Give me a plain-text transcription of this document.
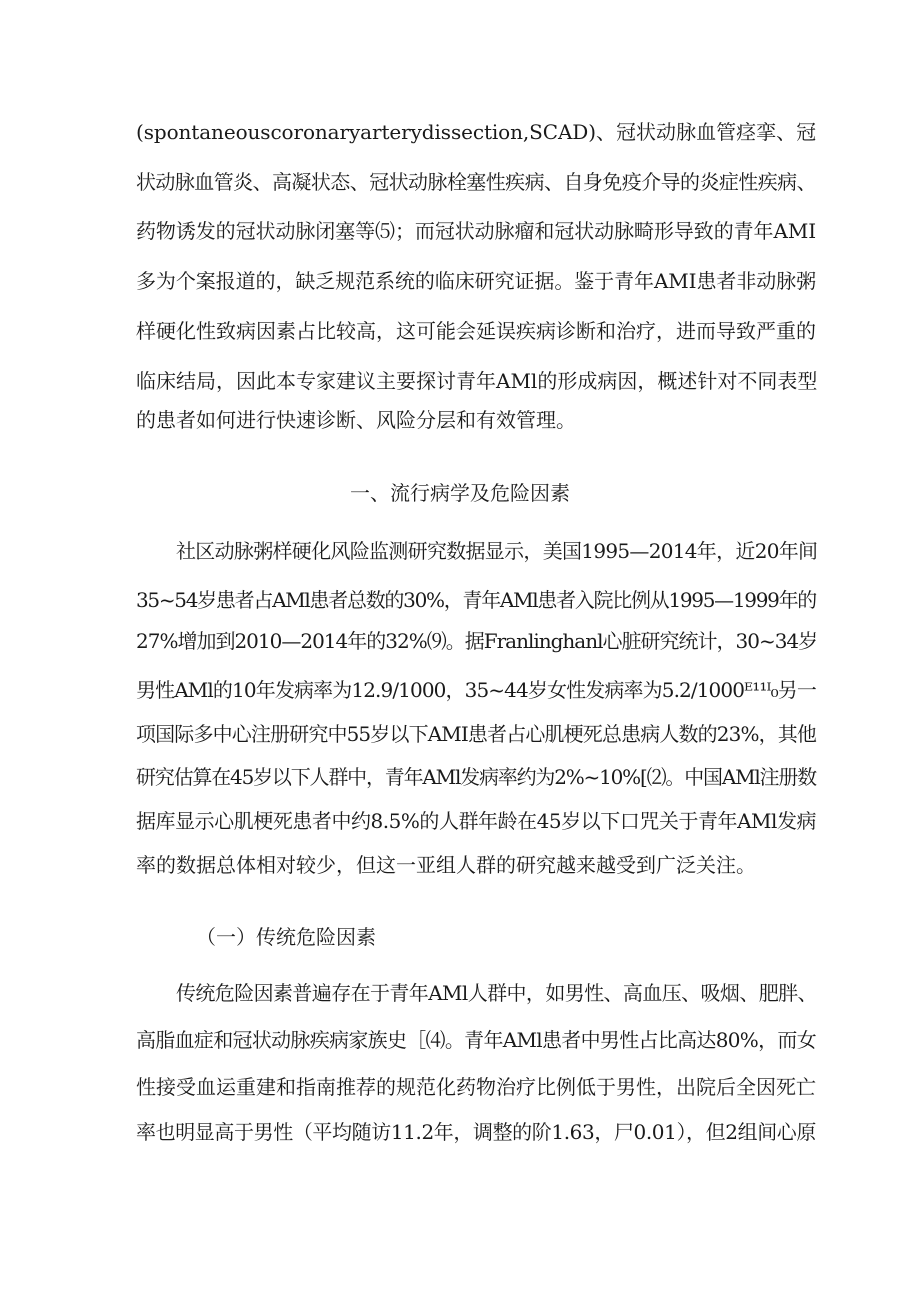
(spontaneouscoronaryarterydissection,SCAD)、冠状动脉血管痉挛、冠
状动脉血管炎、高凝状态、冠状动脉栓塞性疾病、自身免疫介导的炎症性疾病、
药物诱发的冠状动脉闭塞等⑸；而冠状动脉瘤和冠状动脉畸形导致的青年AMI
多为个案报道的，缺乏规范系统的临床研究证据。鉴于青年AMI患者非动脉粥
样硬化性致病因素占比较高，这可能会延误疾病诊断和治疗，进而导致严重的
临床结局，因此本专家建议主要探讨青年AMl的形成病因，概述针对不同表型
的患者如何进行快速诊断、风险分层和有效管理。
一、流行病学及危险因素
社区动脉粥样硬化风险监测研究数据显示，美国1995—2014年，近20年间
35~54岁患者占AMl患者总数的30%，青年AMl患者入院比例从1995—1999年的
27%增加到2010—2014年的32%⑼。据Franlinghanl心脏研究统计，30~34岁
男性AMl的10年发病率为12.9/1000，35~44岁女性发病率为5.2/1000ᴱ¹¹ᴵ₀另一
项国际多中心注册研究中55岁以下AMI患者占心肌梗死总患病人数的23%，其他
研究估算在45岁以下人群中，青年AMl发病率约为2%~10%[⑵。中国AMl注册数
据库显示心肌梗死患者中约8.5%的人群年龄在45岁以下口咒关于青年AMl发病
率的数据总体相对较少，但这一亚组人群的研究越来越受到广泛关注。
（一）传统危险因素
传统危险因素普遍存在于青年AMl人群中，如男性、高血压、吸烟、肥胖、
高脂血症和冠状动脉疾病家族史［⑷。青年AMl患者中男性占比高达80%，而女
性接受血运重建和指南推荐的规范化药物治疗比例低于男性，出院后全因死亡
率也明显高于男性（平均随访11.2年，调整的阶1.63，尸0.01），但2组间心原
